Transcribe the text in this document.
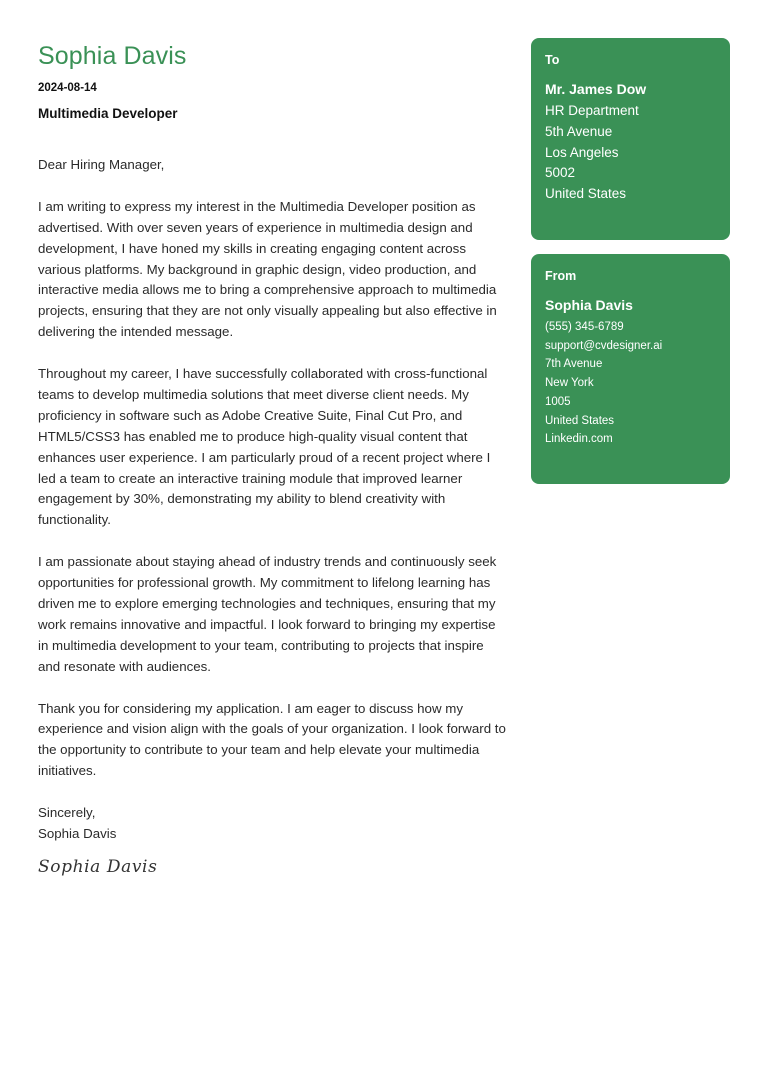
Sophia Davis
2024-08-14
Multimedia Developer

Dear Hiring Manager,

I am writing to express my interest in the Multimedia Developer position as advertised. With over seven years of experience in multimedia design and development, I have honed my skills in creating engaging content across various platforms. My background in graphic design, video production, and interactive media allows me to bring a comprehensive approach to multimedia projects, ensuring that they are not only visually appealing but also effective in delivering the intended message.

Throughout my career, I have successfully collaborated with cross-functional teams to develop multimedia solutions that meet diverse client needs. My proficiency in software such as Adobe Creative Suite, Final Cut Pro, and HTML5/CSS3 has enabled me to produce high-quality visual content that enhances user experience. I am particularly proud of a recent project where I led a team to create an interactive training module that improved learner engagement by 30%, demonstrating my ability to blend creativity with functionality.

I am passionate about staying ahead of industry trends and continuously seek opportunities for professional growth. My commitment to lifelong learning has driven me to explore emerging technologies and techniques, ensuring that my work remains innovative and impactful. I look forward to bringing my expertise in multimedia development to your team, contributing to projects that inspire and resonate with audiences.

Thank you for considering my application. I am eager to discuss how my experience and vision align with the goals of your organization. I look forward to the opportunity to contribute to your team and help elevate your multimedia initiatives.

Sincerely,
Sophia Davis
Sophia Davis
To
Mr. James Dow
HR Department
5th Avenue
Los Angeles
5002
United States
From
Sophia Davis
(555) 345-6789
support@cvdesigner.ai
7th Avenue
New York
1005
United States
Linkedin.com
